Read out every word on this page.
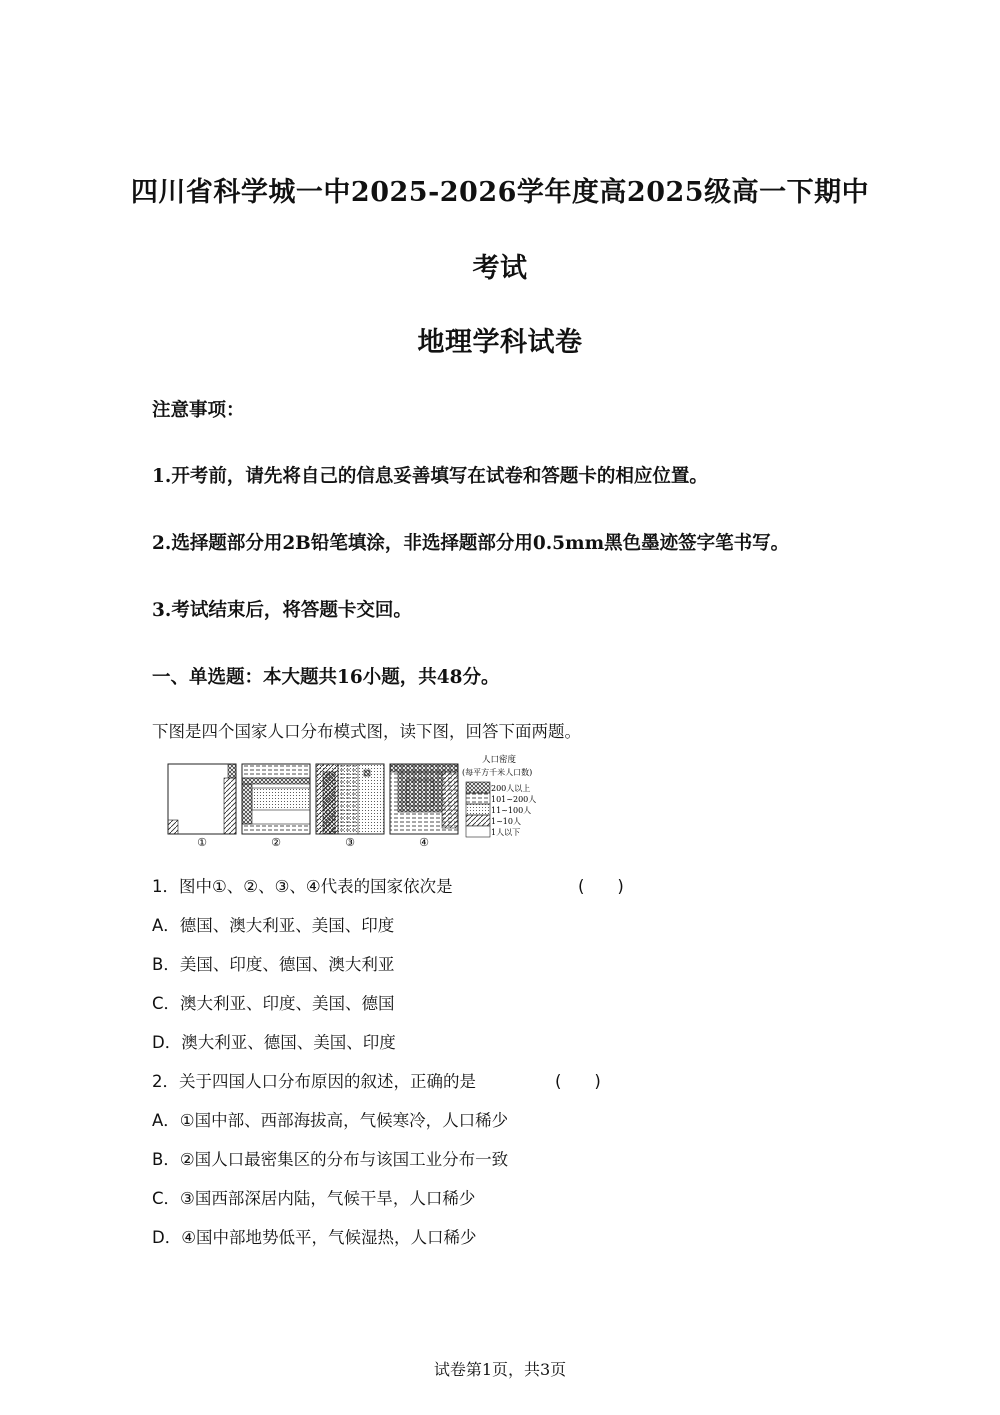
四川省科学城一中2025-2026学年度高2025级高一下期中
考试
地理学科试卷
注意事项：
1.开考前，请先将自己的信息妥善填写在试卷和答题卡的相应位置。
2.选择题部分用2B铅笔填涂，非选择题部分用0.5mm黑色墨迹签字笔书写。
3.考试结束后，将答题卡交回。
一、单选题：本大题共16小题，共48分。
下图是四个国家人口分布模式图，读下图，回答下面两题。
①	②	③	④
人口密度
(每平方千米人口数)
200人以上
101~200人
11~100人
1~10人
1人以下
1．图中①、②、③、④代表的国家依次是	(　　)
A．德国、澳大利亚、美国、印度
B．美国、印度、德国、澳大利亚
C．澳大利亚、印度、美国、德国
D．澳大利亚、德国、美国、印度
2．关于四国人口分布原因的叙述，正确的是	(　　)
A．①国中部、西部海拔高，气候寒冷，人口稀少
B．②国人口最密集区的分布与该国工业分布一致
C．③国西部深居内陆，气候干旱，人口稀少
D．④国中部地势低平，气候湿热，人口稀少
试卷第1页，共3页
